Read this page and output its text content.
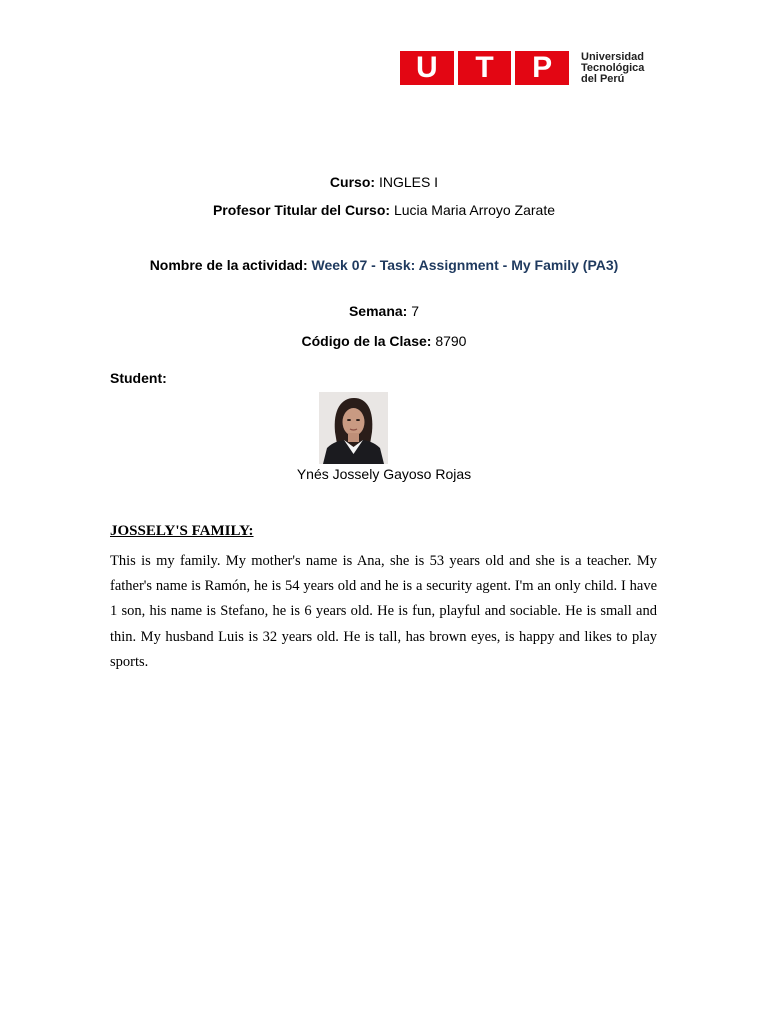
U	T	P	Universidad
Tecnológica
del Perú
Curso: INGLES I
Profesor Titular del Curso: Lucia Maria Arroyo Zarate
Nombre de la actividad: Week 07 - Task: Assignment - My Family (PA3)
Semana: 7
Código de la Clase: 8790
Student:
Ynés Jossely Gayoso Rojas
JOSSELY'S FAMILY:

This is my family. My mother's name is Ana, she is 53 years old and she is a teacher. My father's name is Ramón, he is 54 years old and he is a security agent. I'm an only child. I have 1 son, his name is Stefano, he is 6 years old. He is fun, playful and sociable. He is small and thin. My husband Luis is 32 years old. He is tall, has brown eyes, is happy and likes to play sports.
